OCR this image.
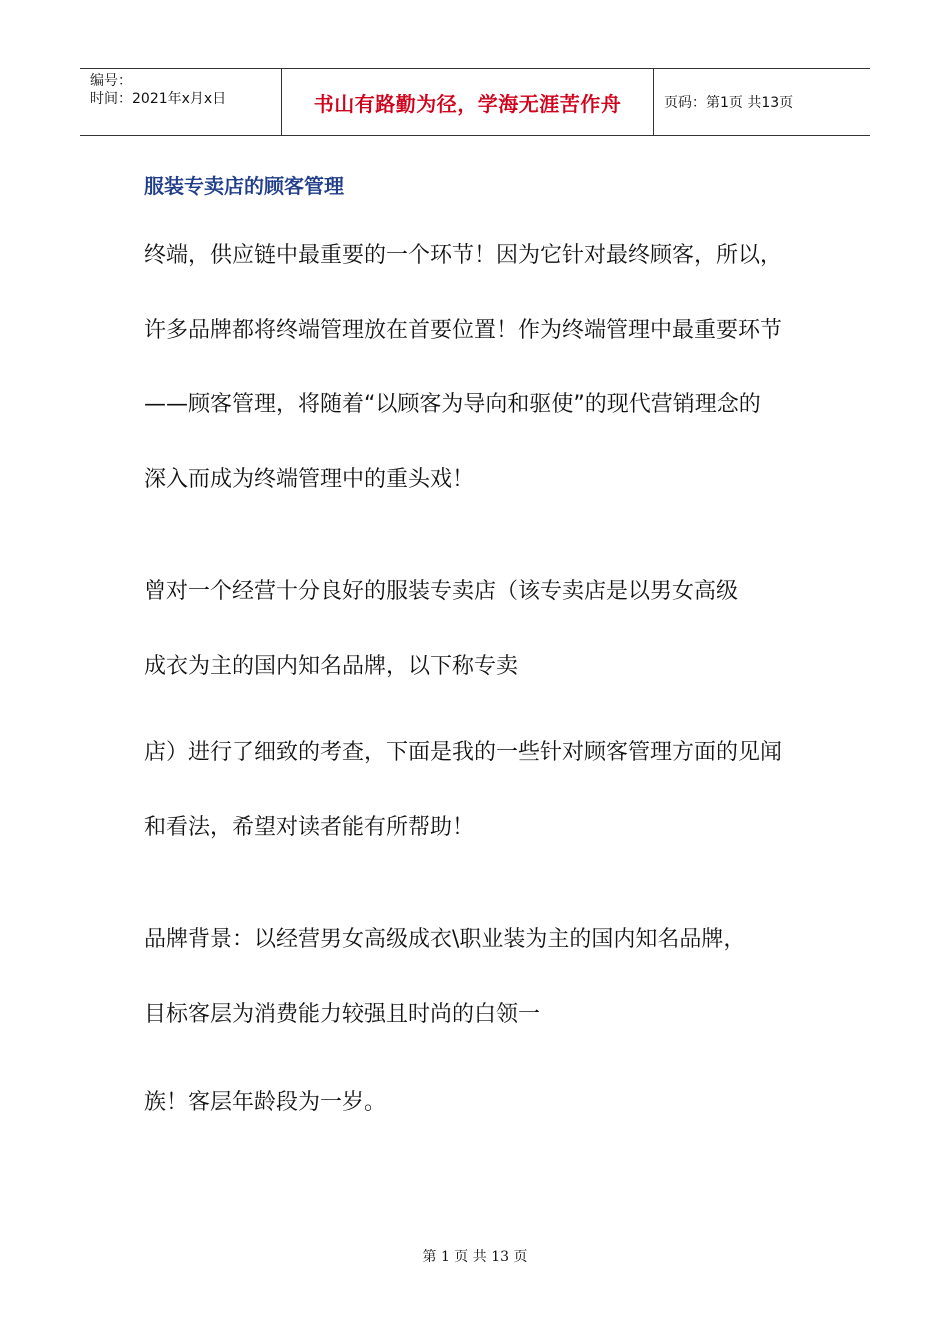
编号：
时间：2021年x月x日	书山有路勤为径，学海无涯苦作舟	页码：第1页 共13页
服装专卖店的顾客管理
终端，供应链中最重要的一个环节！因为它针对最终顾客，所以，
许多品牌都将终端管理放在首要位置！作为终端管理中最重要环节
——顾客管理，将随着“以顾客为导向和驱使”的现代营销理念的
深入而成为终端管理中的重头戏！
曾对一个经营十分良好的服装专卖店（该专卖店是以男女高级
成衣为主的国内知名品牌，以下称专卖
店）进行了细致的考查，下面是我的一些针对顾客管理方面的见闻
和看法，希望对读者能有所帮助！
品牌背景：以经营男女高级成衣\职业装为主的国内知名品牌，
目标客层为消费能力较强且时尚的白领一
族！客层年龄段为一岁。
第 1 页 共 13 页
